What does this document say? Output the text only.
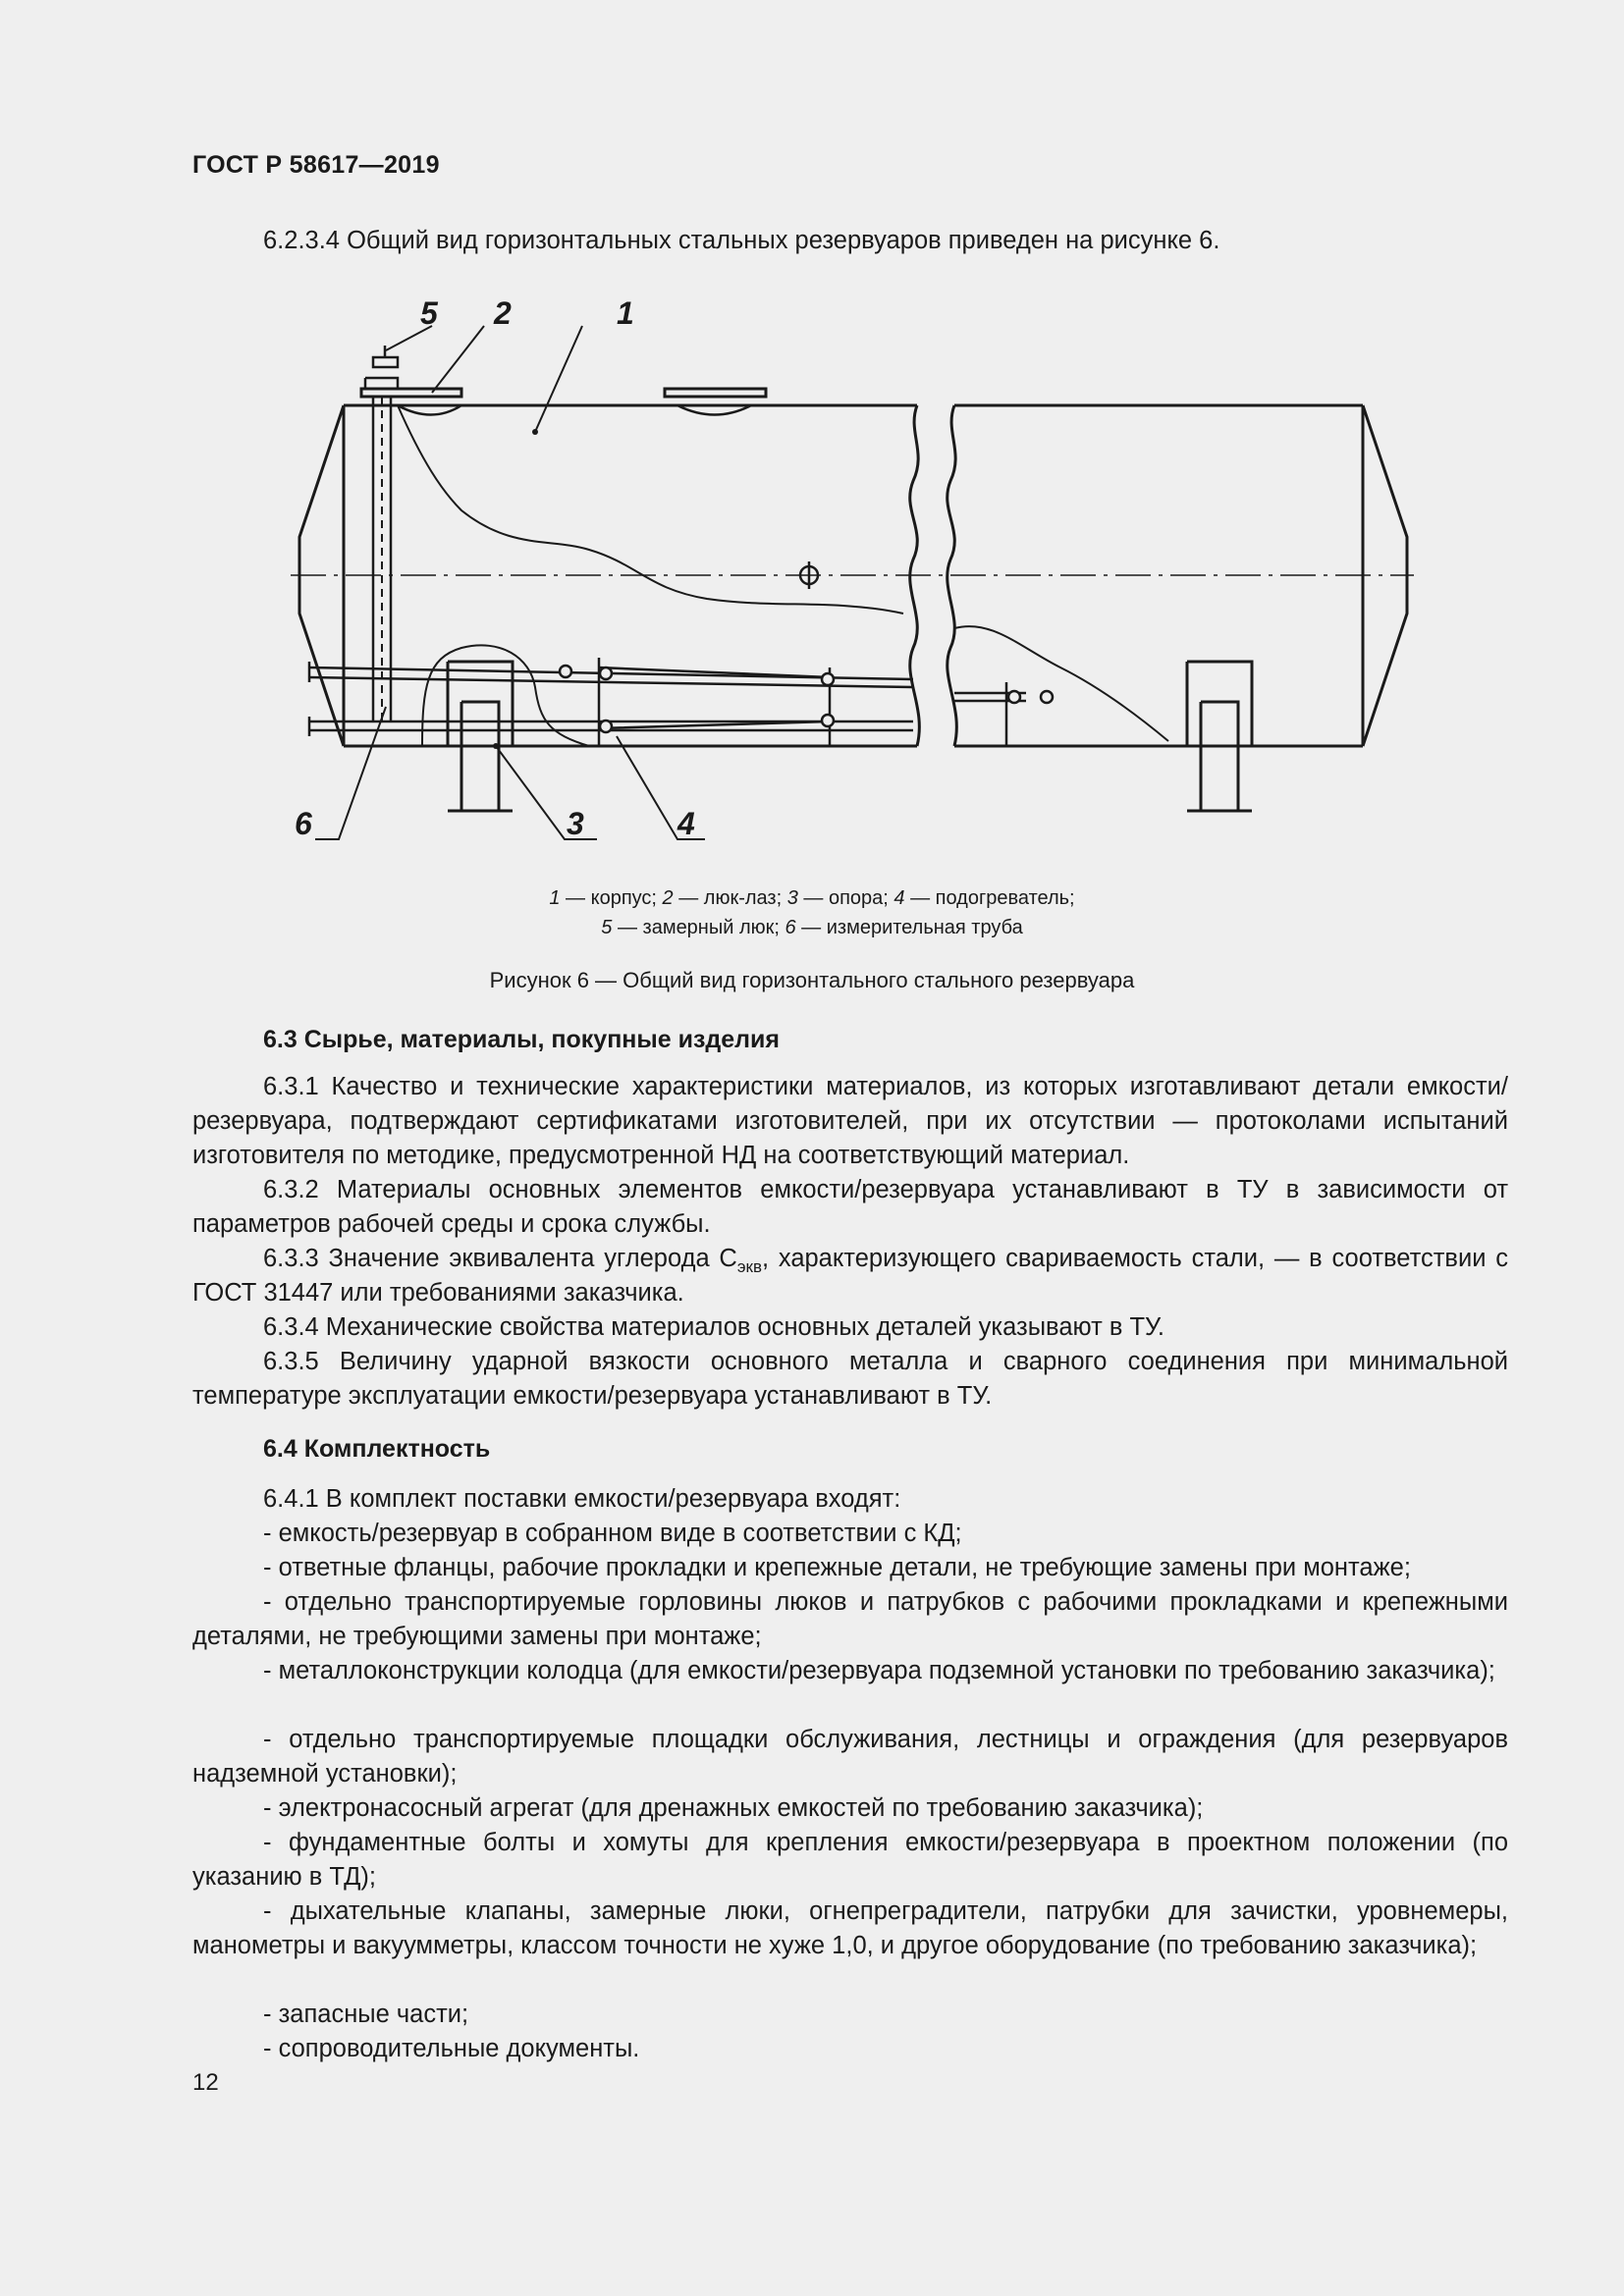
ГОСТ Р 58617—2019
6.2.3.4 Общий вид горизонтальных стальных резервуаров приведен на рисунке 6.
1
2
3	4
5
6
1 — корпус; 2 — люк-лаз; 3 — опора; 4 — подогреватель;
5 — замерный люк; 6 — измерительная труба
Рисунок 6 — Общий вид горизонтального стального резервуара
6.3 Сырье, материалы, покупные изделия
6.3.1 Качество и технические характеристики материалов, из которых изготавливают детали емкости/резервуара, подтверждают сертификатами изготовителей, при их отсутствии — протоколами испытаний изготовителя по методике, предусмотренной НД на соответствующий материал.
6.3.2 Материалы основных элементов емкости/резервуара устанавливают в ТУ в зависимости от параметров рабочей среды и срока службы.
6.3.3 Значение эквивалента углерода $С_{экв}$, характеризующего свариваемость стали, — в соответствии с ГОСТ 31447 или требованиями заказчика.
6.3.4 Механические свойства материалов основных деталей указывают в ТУ.
6.3.5 Величину ударной вязкости основного металла и сварного соединения при минимальной температуре эксплуатации емкости/резервуара устанавливают в ТУ.
6.4 Комплектность
6.4.1 В комплект поставки емкости/резервуара входят:
- емкость/резервуар в собранном виде в соответствии с КД;
- ответные фланцы, рабочие прокладки и крепежные детали, не требующие замены при монтаже;
- отдельно транспортируемые горловины люков и патрубков с рабочими прокладками и крепежными деталями, не требующими замены при монтаже;
- металлоконструкции колодца (для емкости/резервуара подземной установки по требованию заказчика);
- отдельно транспортируемые площадки обслуживания, лестницы и ограждения (для резервуаров надземной установки);
- электронасосный агрегат (для дренажных емкостей по требованию заказчика);
- фундаментные болты и хомуты для крепления емкости/резервуара в проектном положении (по указанию в ТД);
- дыхательные клапаны, замерные люки, огнепреградители, патрубки для зачистки, уровнемеры, манометры и вакуумметры, классом точности не хуже 1,0, и другое оборудование (по требованию заказчика);
- запасные части;
- сопроводительные документы.
12
